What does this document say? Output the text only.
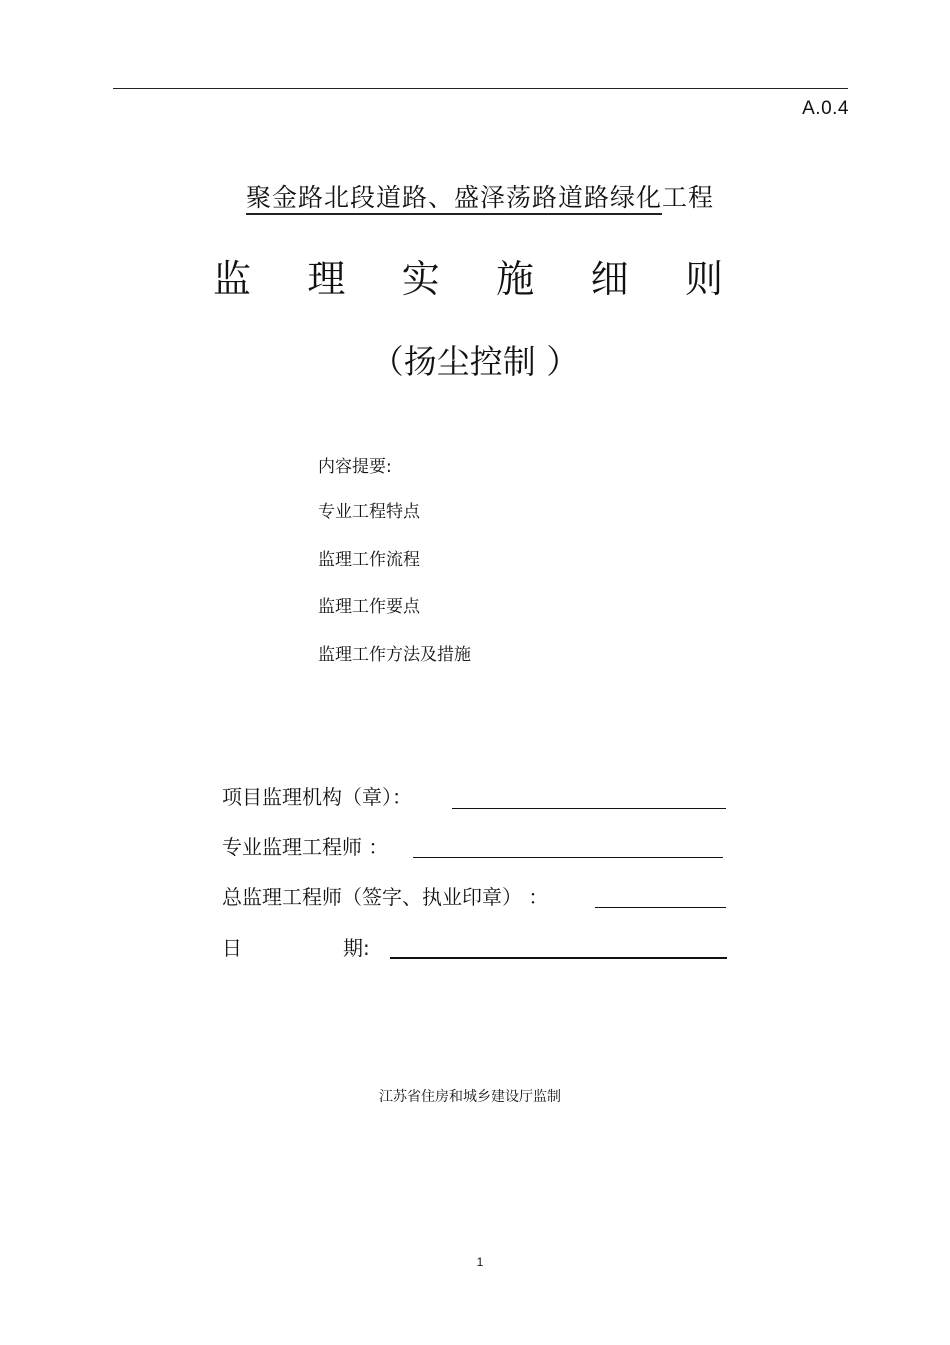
A.0.4
聚金路北段道路、盛泽荡路道路绿化工程
监 理 实 施 细 则
（扬尘控制 ）
内容提要:
专业工程特点
监理工作流程
监理工作要点
监理工作方法及措施
项目监理机构（章）：
专业监理工程师 ：
总监理工程师（签字、执业印章） ：
日	期:
江苏省住房和城乡建设厅监制
1
